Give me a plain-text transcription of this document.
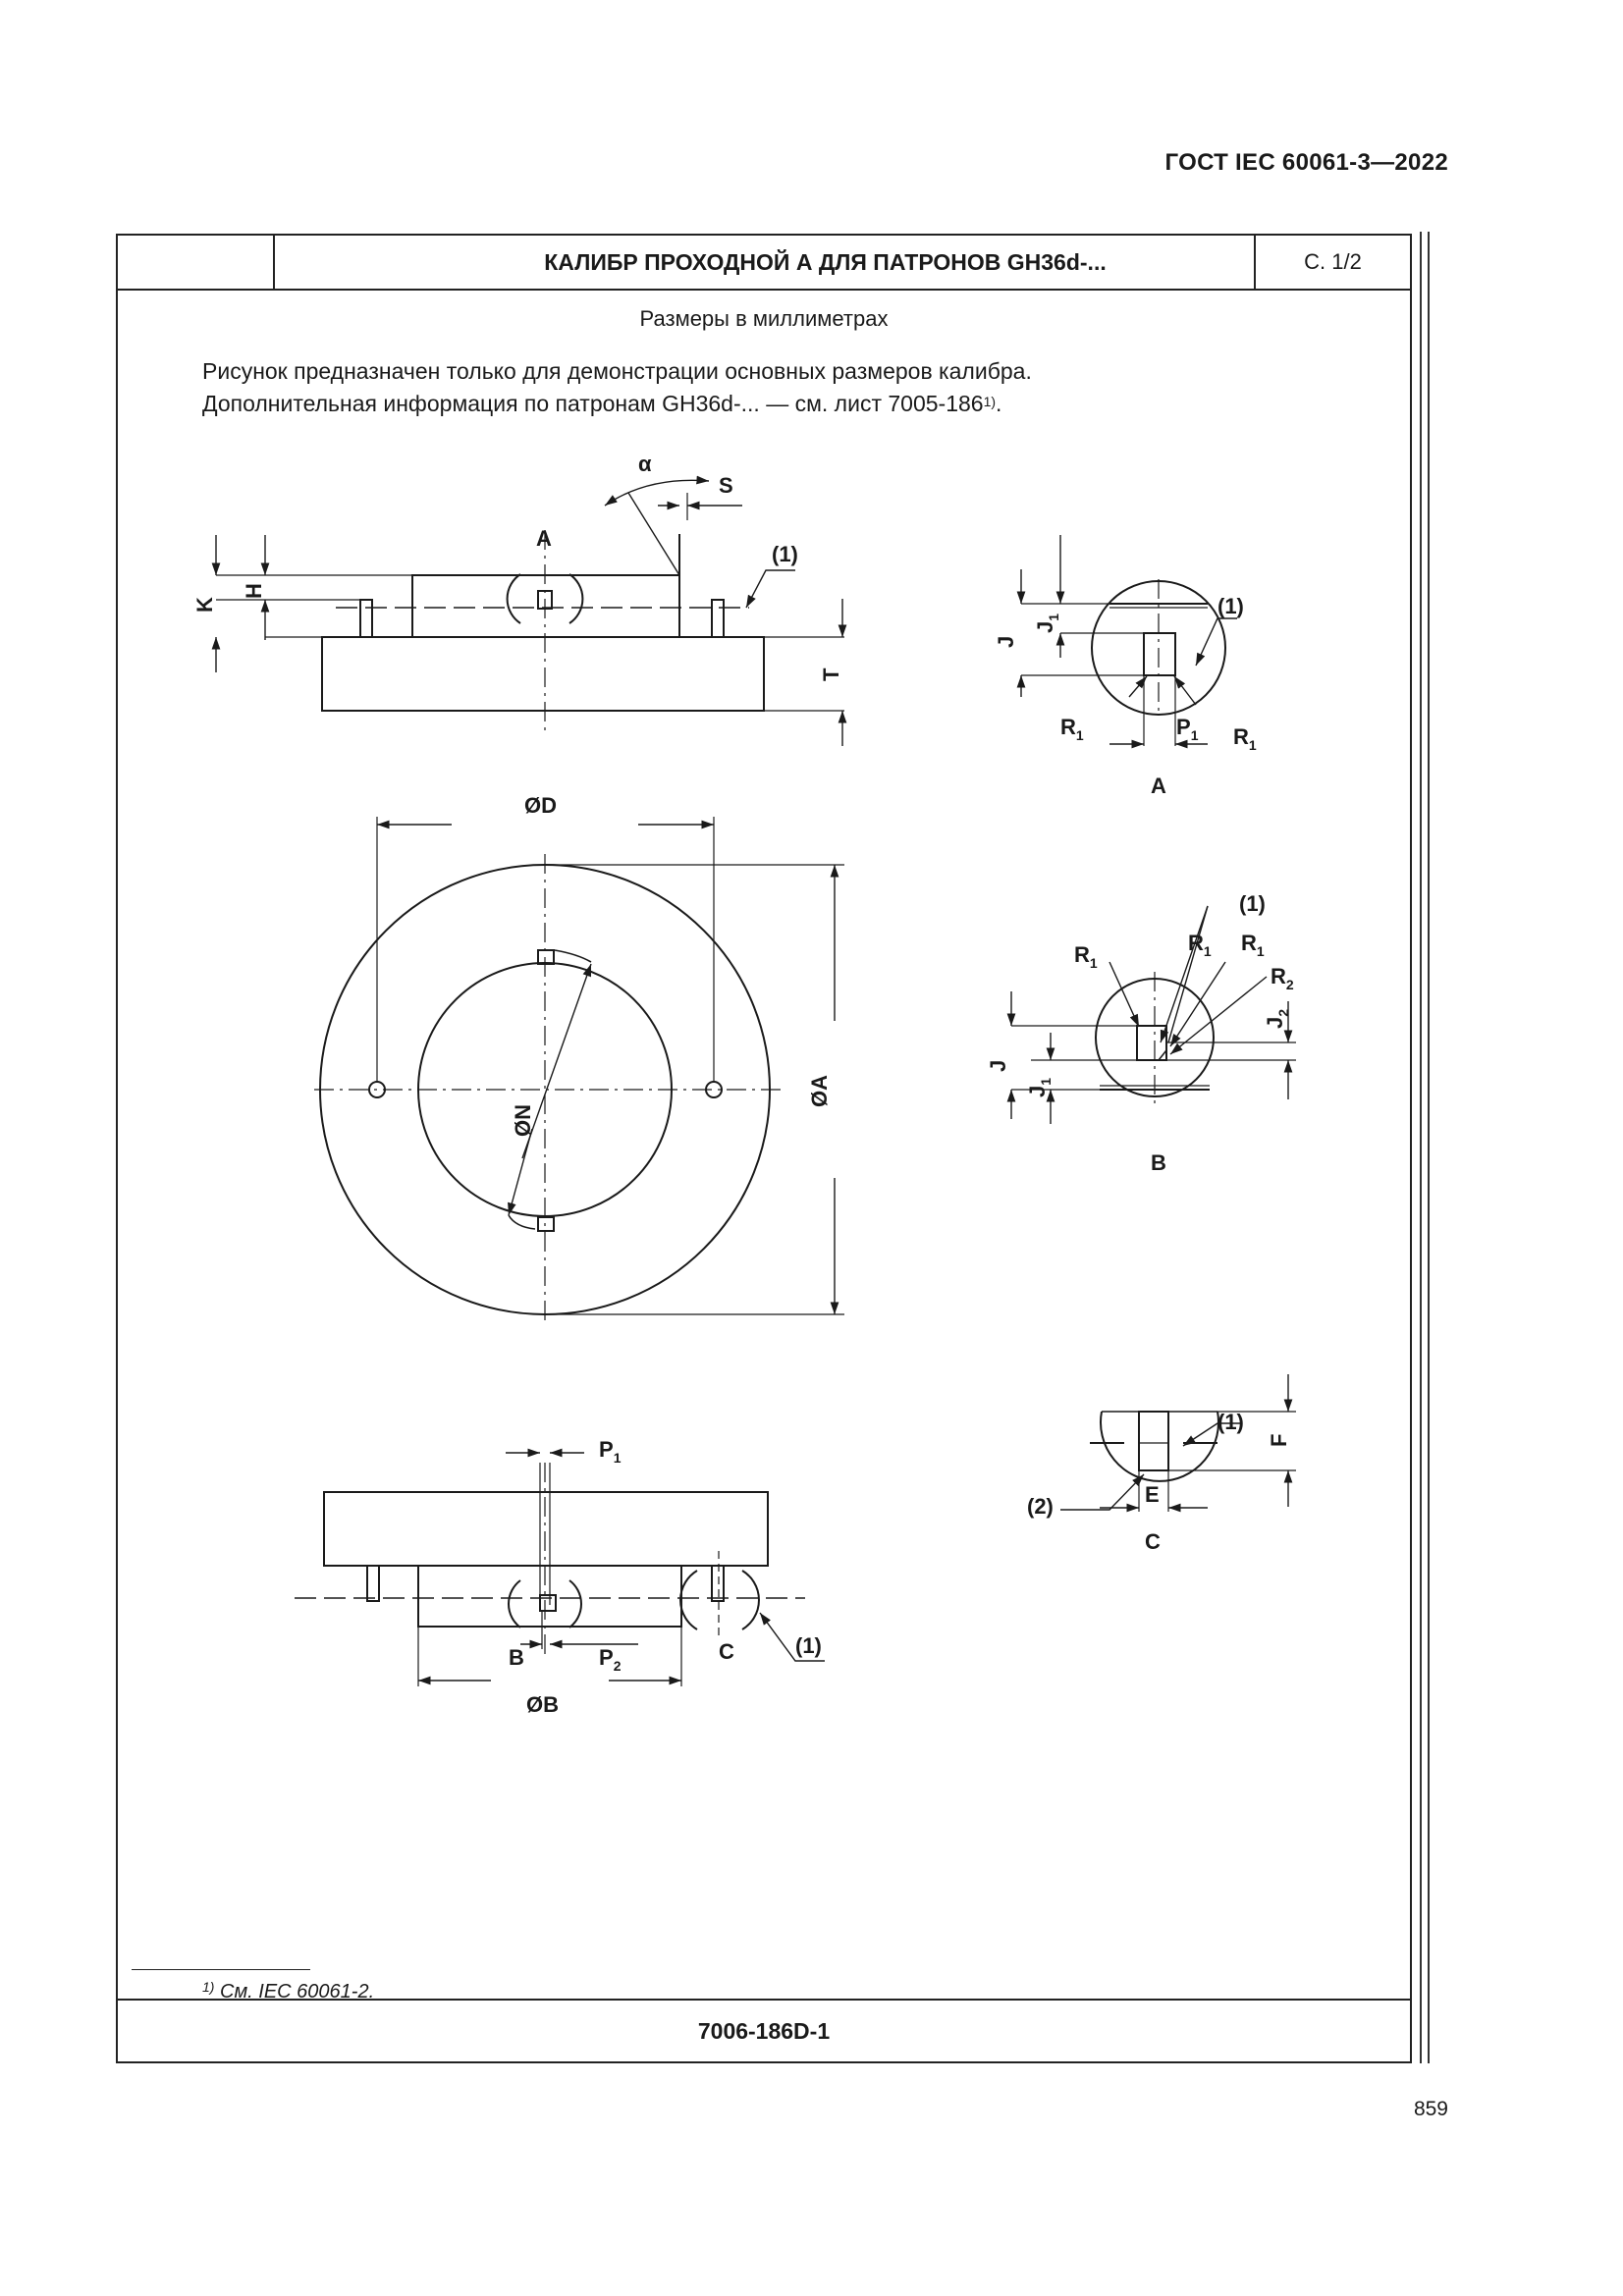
ГОСТ IEC 60061-3—2022
КАЛИБР ПРОХОДНОЙ А ДЛЯ ПАТРОНОВ GH36d-...	С. 1/2
Размеры в миллиметрах
Рисунок предназначен только для демонстрации основных размеров калибра.
Дополнительная информация по патронам GH36d-... — см. лист 7005-186$^{1)}$.
α
S
A
(1)
K
H
T
(1)
J
$J_1$
$R_1$	$P_1$ $R_1$
A
ØD
ØN
ØA
(1)
$R_1$
$R_1$ $R_1$
$R_2$
$J_2$
J
$J_1$
B
$P_1$
B	$P_2$
C	(1)
ØB
(1)
F
(2)	E
C
$^{1)}$ См. IEC 60061-2.
7006-186D-1
859
